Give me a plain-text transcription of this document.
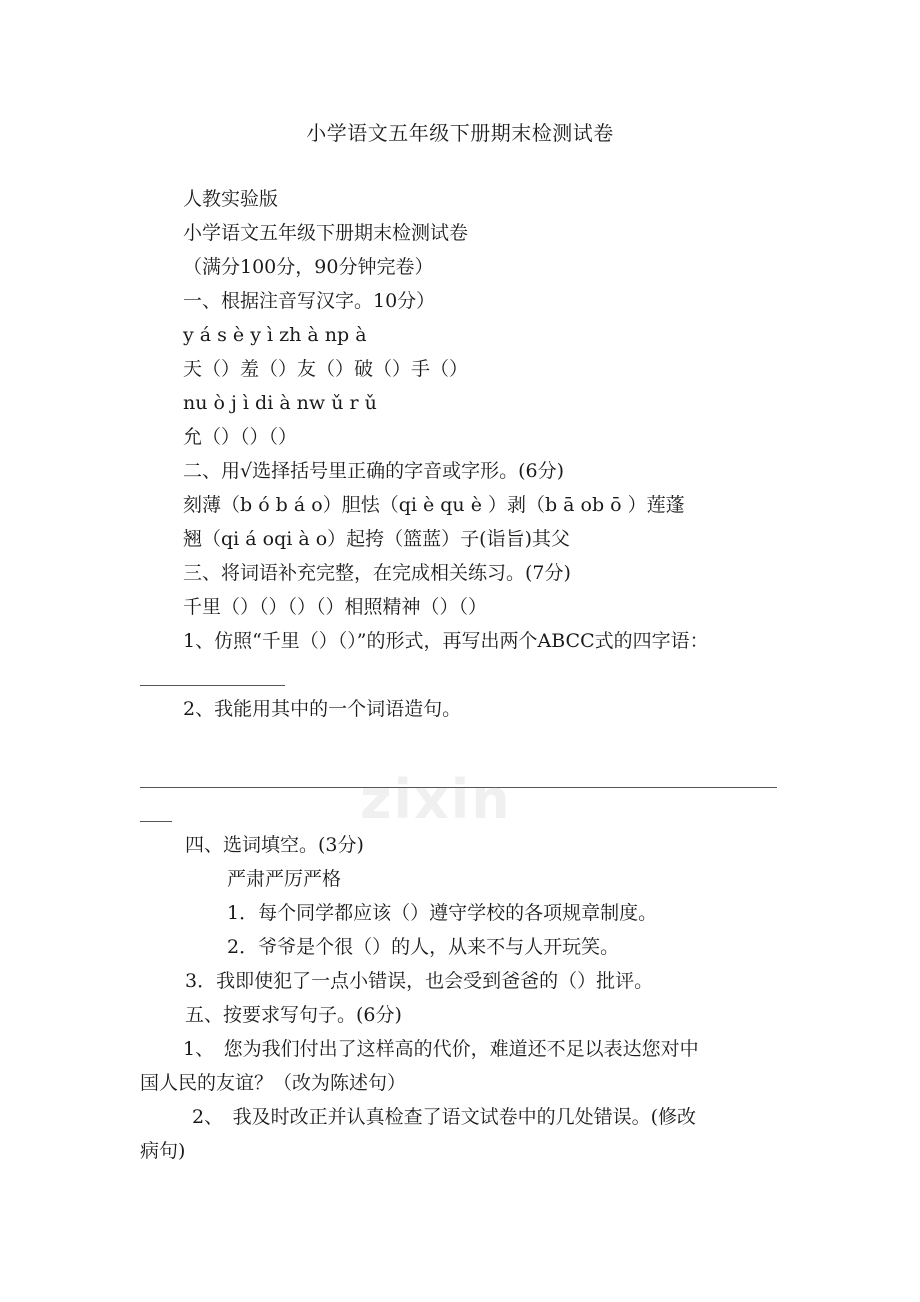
小学语文五年级下册期末检测试卷
人教实验版
小学语文五年级下册期末检测试卷
（满分100分，90分钟完卷）
一、根据注音写汉字。10分）
y á s è y ì zh à np à
天（）羞（）友（）破（）手（）
nu ò j ì di à nw ǔ r ǔ
允（）（）（）
二、用√选择括号里正确的字音或字形。(6分)
刻薄（b ó b á o）胆怯（qi è qu è ）剥（b ā ob ō ）莲蓬
翘（qi á oqi à o）起挎（篮蓝）子(诣旨)其父
三、将词语补充完整，在完成相关练习。(7分)
千里（）（）（）（）相照精神（）（）
1、仿照“千里（）（）”的形式，再写出两个ABCC式的四字语：
2、我能用其中的一个词语造句。
zixin
四、选词填空。(3分)
严肃严厉严格
1．每个同学都应该（）遵守学校的各项规章制度。
2．爷爷是个很（）的人，从来不与人开玩笑。
3．我即使犯了一点小错误，也会受到爸爸的（）批评。
五、按要求写句子。(6分)
1、　您为我们付出了这样高的代价，难道还不足以表达您对中
国人民的友谊？（改为陈述句）
2、　我及时改正并认真检查了语文试卷中的几处错误。(修改
病句)
